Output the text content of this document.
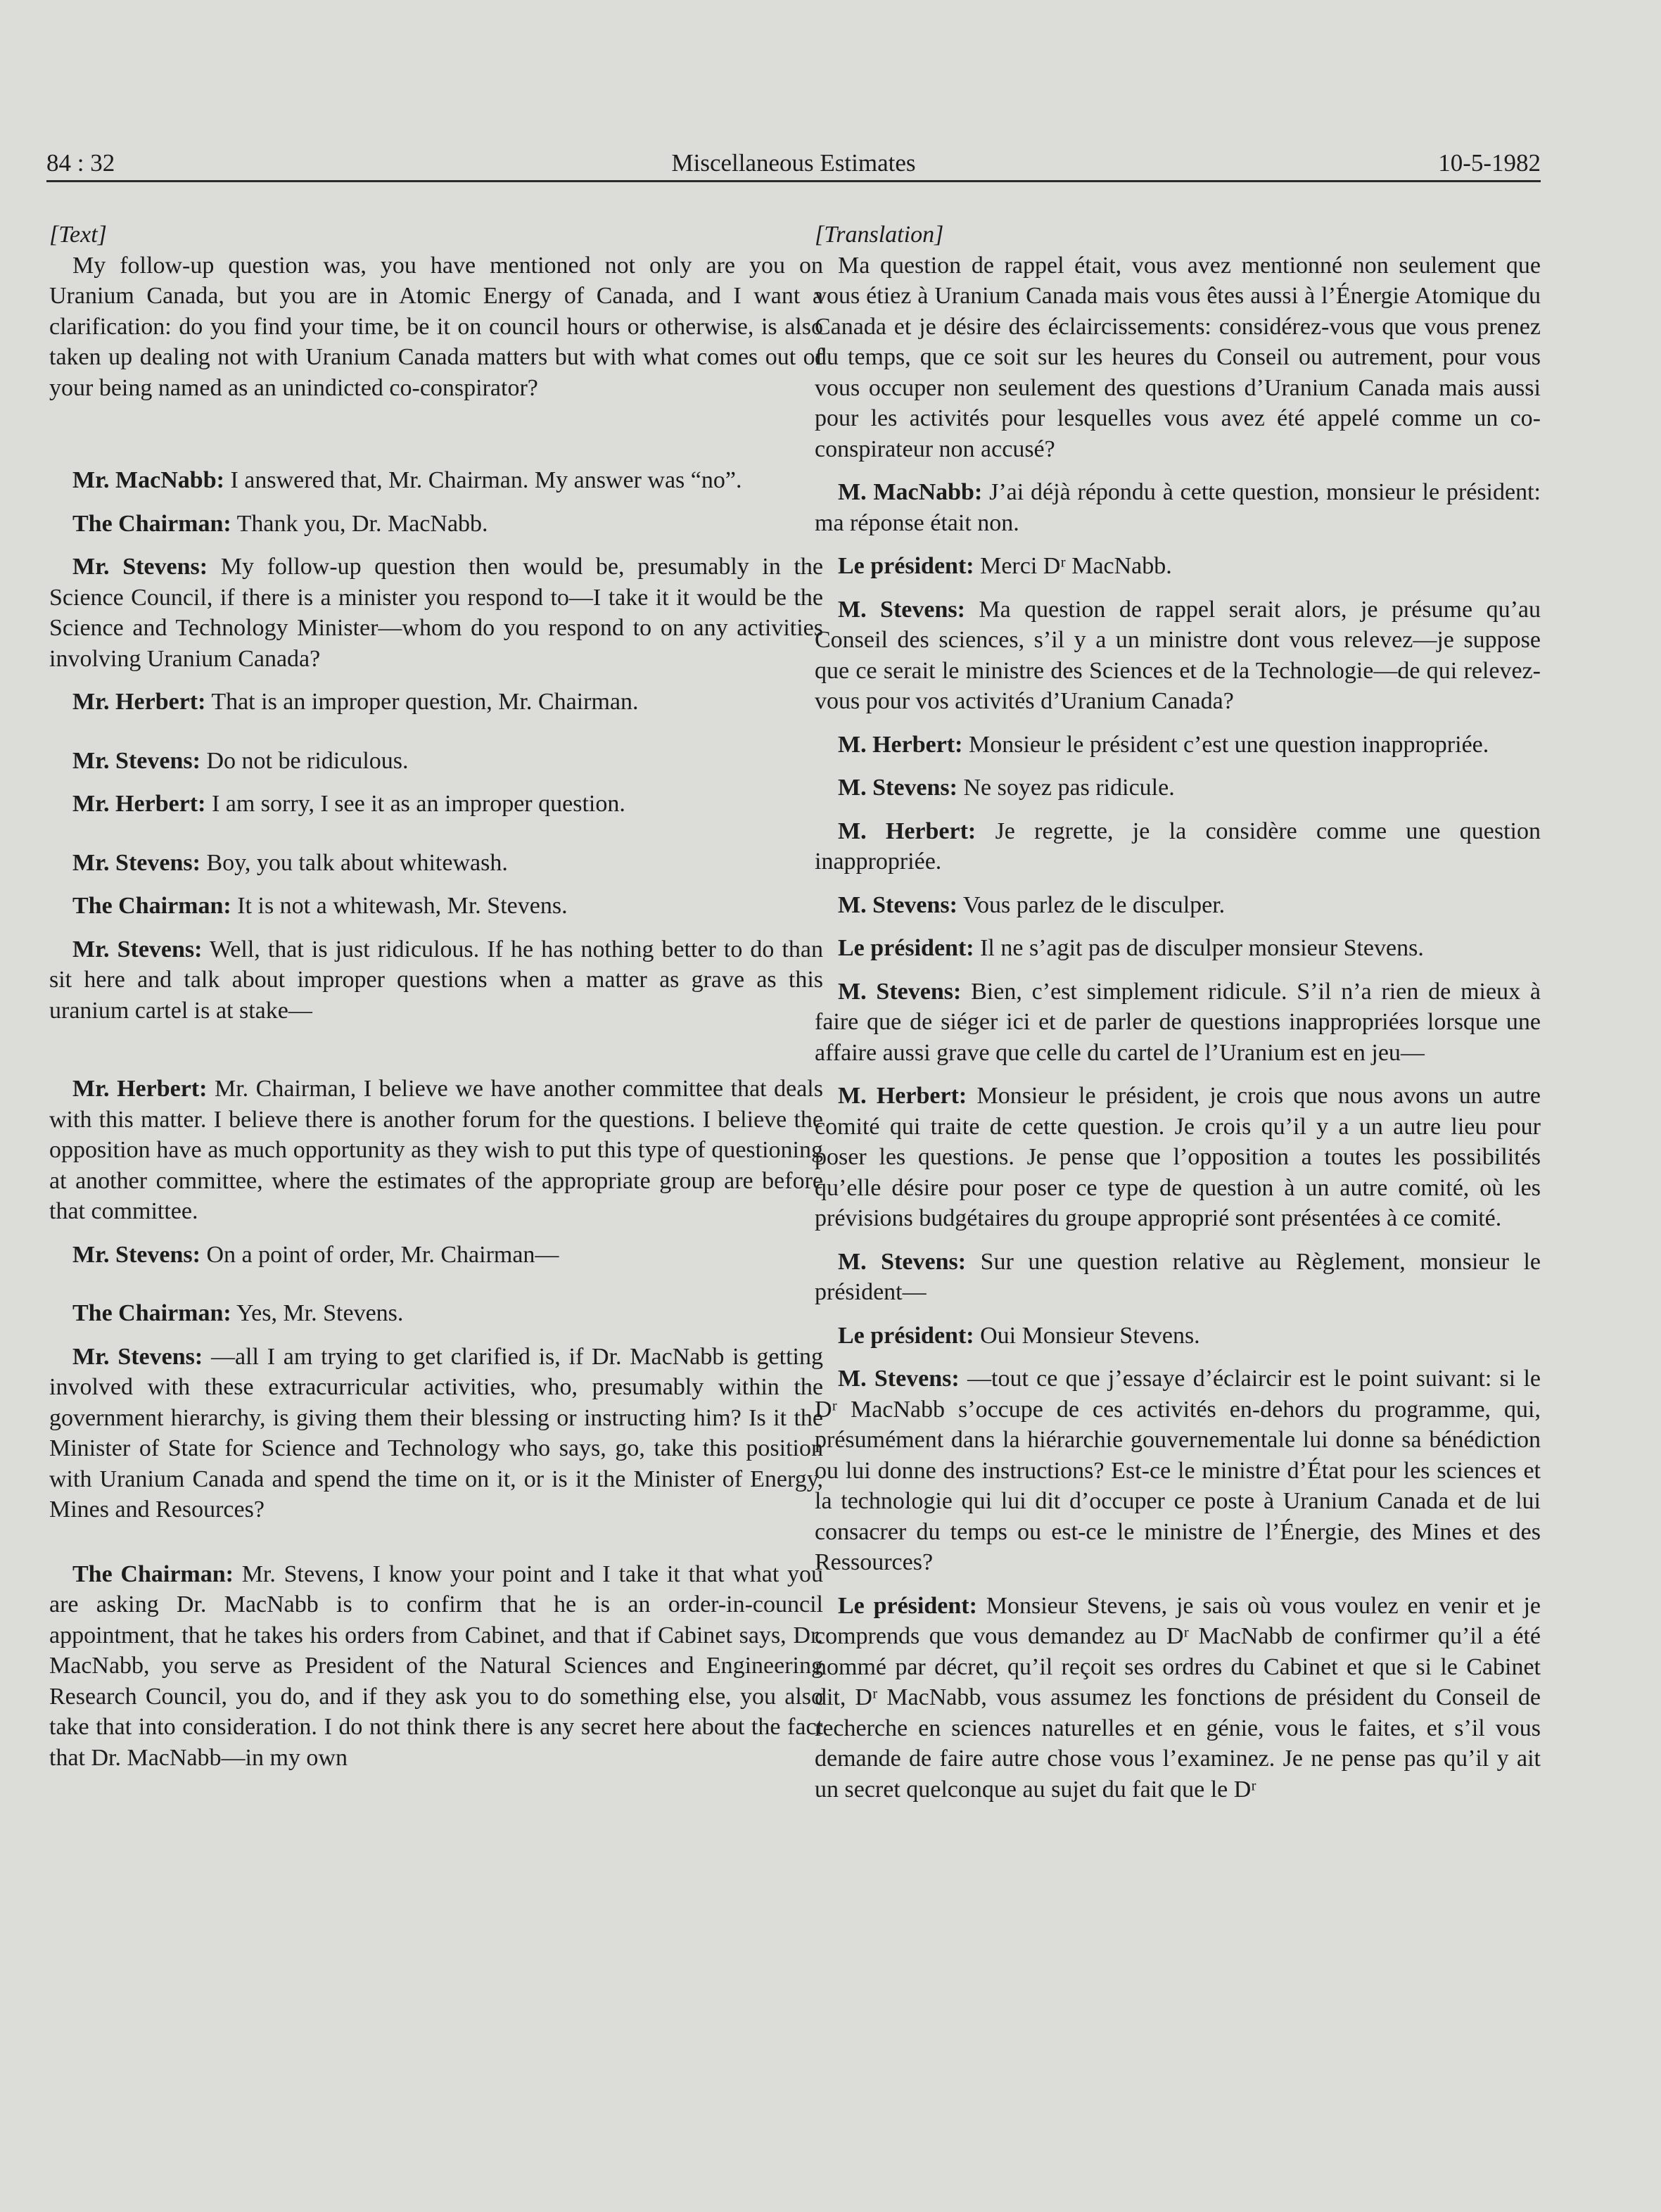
84 : 32	Miscellaneous Estimates	10-5-1982
[Text]

My follow-up question was, you have mentioned not only are you on Uranium Canada, but you are in Atomic Energy of Canada, and I want a clarification: do you find your time, be it on council hours or otherwise, is also taken up dealing not with Uranium Canada matters but with what comes out of your being named as an unindicted co-conspirator?

Mr. MacNabb: I answered that, Mr. Chairman. My answer was “no”.

The Chairman: Thank you, Dr. MacNabb.

Mr. Stevens: My follow-up question then would be, presumably in the Science Council, if there is a minister you respond to—I take it it would be the Science and Technology Minister—whom do you respond to on any activities involving Uranium Canada?

Mr. Herbert: That is an improper question, Mr. Chairman.

Mr. Stevens: Do not be ridiculous.

Mr. Herbert: I am sorry, I see it as an improper question.

Mr. Stevens: Boy, you talk about whitewash.

The Chairman: It is not a whitewash, Mr. Stevens.

Mr. Stevens: Well, that is just ridiculous. If he has nothing better to do than sit here and talk about improper questions when a matter as grave as this uranium cartel is at stake—

Mr. Herbert: Mr. Chairman, I believe we have another committee that deals with this matter. I believe there is another forum for the questions. I believe the opposition have as much opportunity as they wish to put this type of questioning at another committee, where the estimates of the appropriate group are before that committee.

Mr. Stevens: On a point of order, Mr. Chairman—

The Chairman: Yes, Mr. Stevens.

Mr. Stevens: —all I am trying to get clarified is, if Dr. MacNabb is getting involved with these extracurricular activities, who, presumably within the government hierarchy, is giving them their blessing or instructing him? Is it the Minister of State for Science and Technology who says, go, take this position with Uranium Canada and spend the time on it, or is it the Minister of Energy, Mines and Resources?

The Chairman: Mr. Stevens, I know your point and I take it that what you are asking Dr. MacNabb is to confirm that he is an order-in-council appointment, that he takes his orders from Cabinet, and that if Cabinet says, Dr. MacNabb, you serve as President of the Natural Sciences and Engineering Research Council, you do, and if they ask you to do something else, you also take that into consideration. I do not think there is any secret here about the fact that Dr. MacNabb—in my own

[Translation]

Ma question de rappel était, vous avez mentionné non seulement que vous étiez à Uranium Canada mais vous êtes aussi à l’Énergie Atomique du Canada et je désire des éclaircissements: considérez-vous que vous prenez du temps, que ce soit sur les heures du Conseil ou autrement, pour vous vous occuper non seulement des questions d’Uranium Canada mais aussi pour les activités pour lesquelles vous avez été appelé comme un co-conspirateur non accusé?

M. MacNabb: J’ai déjà répondu à cette question, monsieur le président: ma réponse était non.

Le président: Merci Dʳ MacNabb.

M. Stevens: Ma question de rappel serait alors, je présume qu’au Conseil des sciences, s’il y a un ministre dont vous relevez—je suppose que ce serait le ministre des Sciences et de la Technologie—de qui relevez-vous pour vos activités d’Uranium Canada?

M. Herbert: Monsieur le président c’est une question inappropriée.

M. Stevens: Ne soyez pas ridicule.

M. Herbert: Je regrette, je la considère comme une question inappropriée.

M. Stevens: Vous parlez de le disculper.

Le président: Il ne s’agit pas de disculper monsieur Stevens.

M. Stevens: Bien, c’est simplement ridicule. S’il n’a rien de mieux à faire que de siéger ici et de parler de questions inappropriées lorsque une affaire aussi grave que celle du cartel de l’Uranium est en jeu—

M. Herbert: Monsieur le président, je crois que nous avons un autre comité qui traite de cette question. Je crois qu’il y a un autre lieu pour poser les questions. Je pense que l’opposition a toutes les possibilités qu’elle désire pour poser ce type de question à un autre comité, où les prévisions budgétaires du groupe approprié sont présentées à ce comité.

M. Stevens: Sur une question relative au Règlement, monsieur le président—

Le président: Oui Monsieur Stevens.

M. Stevens: —tout ce que j’essaye d’éclaircir est le point suivant: si le Dʳ MacNabb s’occupe de ces activités en-dehors du programme, qui, présumément dans la hiérarchie gouvernementale lui donne sa bénédiction ou lui donne des instructions? Est-ce le ministre d’État pour les sciences et la technologie qui lui dit d’occuper ce poste à Uranium Canada et de lui consacrer du temps ou est-ce le ministre de l’Énergie, des Mines et des Ressources?

Le président: Monsieur Stevens, je sais où vous voulez en venir et je comprends que vous demandez au Dʳ MacNabb de confirmer qu’il a été nommé par décret, qu’il reçoit ses ordres du Cabinet et que si le Cabinet dit, Dʳ MacNabb, vous assumez les fonctions de président du Conseil de recherche en sciences naturelles et en génie, vous le faites, et s’il vous demande de faire autre chose vous l’examinez. Je ne pense pas qu’il y ait un secret quelconque au sujet du fait que le Dʳ
